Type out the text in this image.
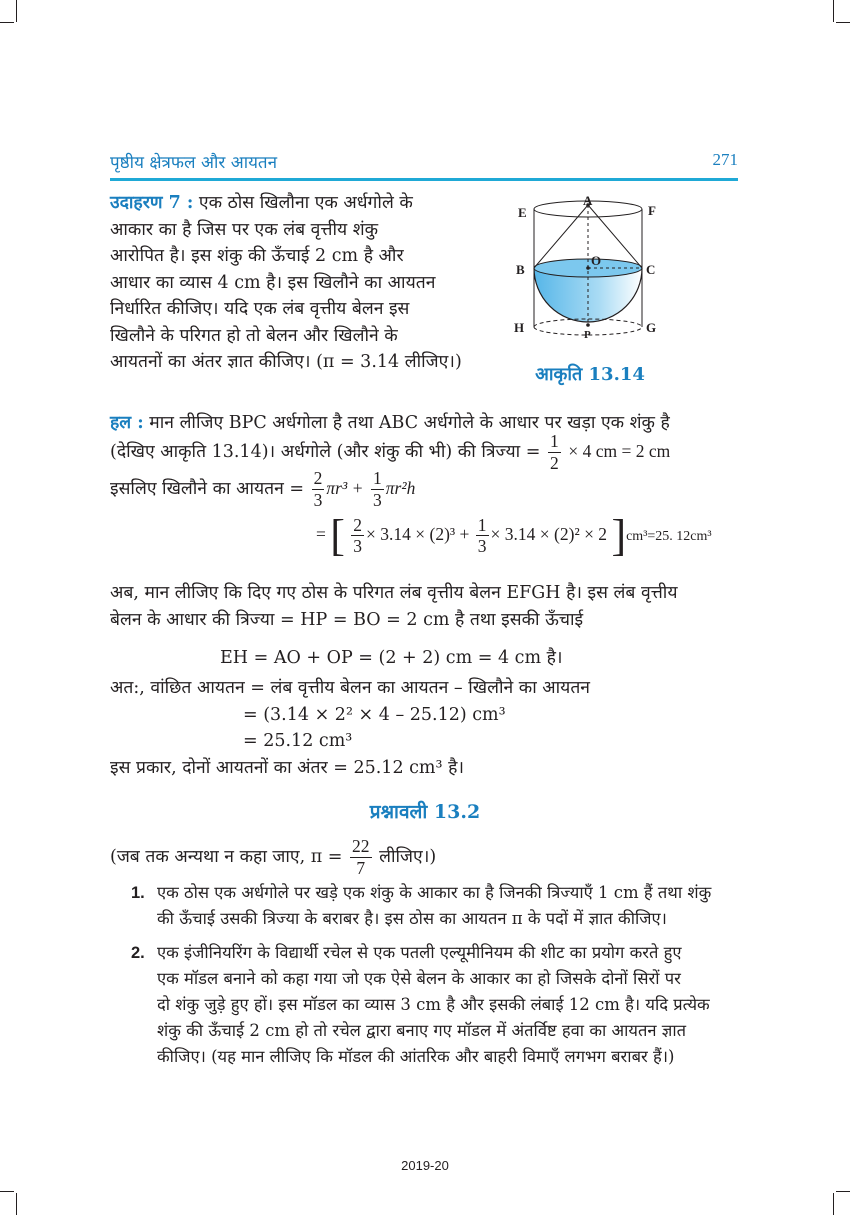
पृष्ठीय क्षेत्रफल और आयतन	271
उदाहरण 7 : एक ठोस खिलौना एक अर्धगोले के
आकार का है जिस पर एक लंब वृत्तीय शंकु
आरोपित है। इस शंकु की ऊँचाई 2 cm है और
आधार का व्यास 4 cm है। इस खिलौने का आयतन
निर्धारित कीजिए। यदि एक लंब वृत्तीय बेलन इस
खिलौने के परिगत हो तो बेलन और खिलौने के
आयतनों का अंतर ज्ञात कीजिए। (π = 3.14 लीजिए।)
E
A
F
B
O
C
H	P	G
आकृति 13.14
हल : मान लीजिए BPC अर्धगोला है तथा ABC अर्धगोले के आधार पर खड़ा एक शंकु है
(देखिए आकृति 13.14)। अर्धगोले (और शंकु की भी) की त्रिज्या = $\frac{1}{2} \times 4$ cm = 2 cm
इसलिए खिलौने का आयतन = $\frac{2}{3} \pi r^3 + \frac{1}{3} \pi r^2h$
= [ $\frac{2}{3} \times 3.14 \times (2)^3 + \frac{1}{3} \times 3.14 \times (2)^2 \times 2$ ]cm³=25. 12cm³
अब, मान लीजिए कि दिए गए ठोस के परिगत लंब वृत्तीय बेलन EFGH है। इस लंब वृत्तीय
बेलन के आधार की त्रिज्या = HP = BO = 2 cm है तथा इसकी ऊँचाई
EH = AO + OP = (2 + 2) cm = 4 cm है।
अत:, वांछित आयतन = लंब वृत्तीय बेलन का आयतन – खिलौने का आयतन
= (3.14 × 2² × 4 – 25.12) cm³
= 25.12 cm³
इस प्रकार, दोनों आयतनों का अंतर = 25.12 cm³ है।
प्रश्नावली 13.2
(जब तक अन्यथा न कहा जाए, $\pi = \frac{22}{7}$ लीजिए।)
1. एक ठोस एक अर्धगोले पर खड़े एक शंकु के आकार का है जिनकी त्रिज्याएँ 1 cm हैं तथा शंकु
की ऊँचाई उसकी त्रिज्या के बराबर है। इस ठोस का आयतन π के पदों में ज्ञात कीजिए।
2. एक इंजीनियरिंग के विद्यार्थी रचेल से एक पतली एल्यूमीनियम की शीट का प्रयोग करते हुए
एक मॉडल बनाने को कहा गया जो एक ऐसे बेलन के आकार का हो जिसके दोनों सिरों पर
दो शंकु जुड़े हुए हों। इस मॉडल का व्यास 3 cm है और इसकी लंबाई 12 cm है। यदि प्रत्येक
शंकु की ऊँचाई 2 cm हो तो रचेल द्वारा बनाए गए मॉडल में अंतर्विष्ट हवा का आयतन ज्ञात
कीजिए। (यह मान लीजिए कि मॉडल की आंतरिक और बाहरी विमाएँ लगभग बराबर हैं।)
2019-20
